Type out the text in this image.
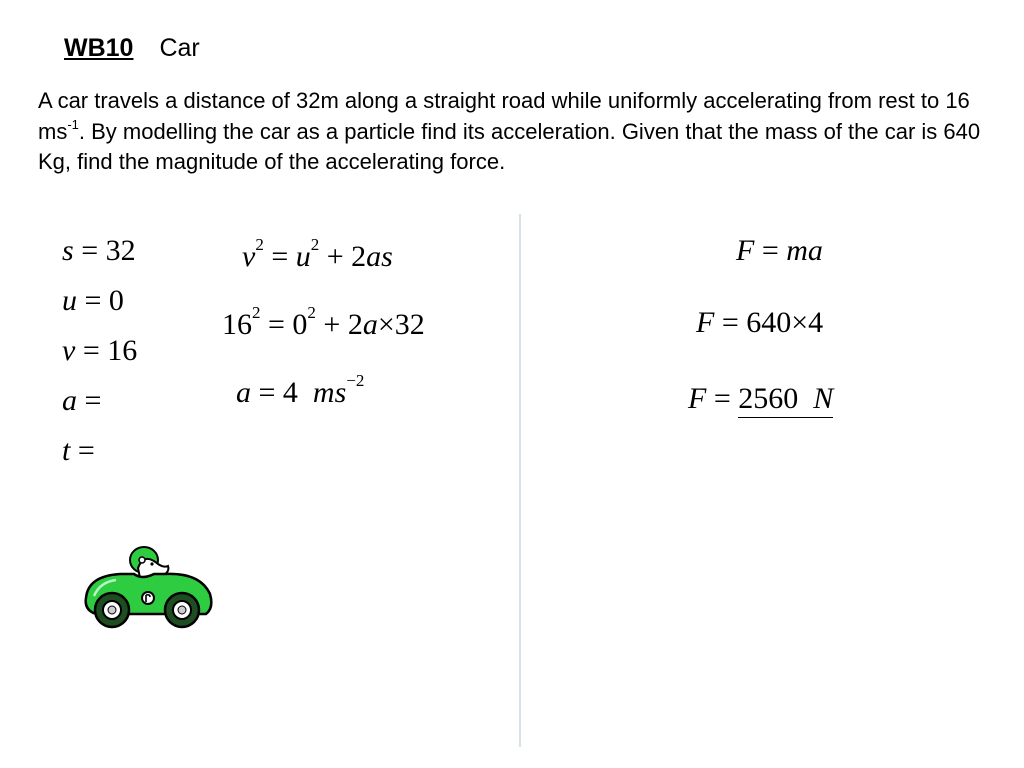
WB10 Car
A car travels a distance of 32m along a straight road while uniformly accelerating from rest to 16 $ms^{-1}$. By modelling the car as a particle find its acceleration. Given that the mass of the car is 640 Kg, find the magnitude of the accelerating force.
s = 32
u = 0
v = 16
a =
t =
$v^2 = u^2 + 2as$
$16^2 = 0^2 + 2a\times 32$
a = 4 $ms^{-2}$
F = ma
F = 640×4
F = 2560 N
